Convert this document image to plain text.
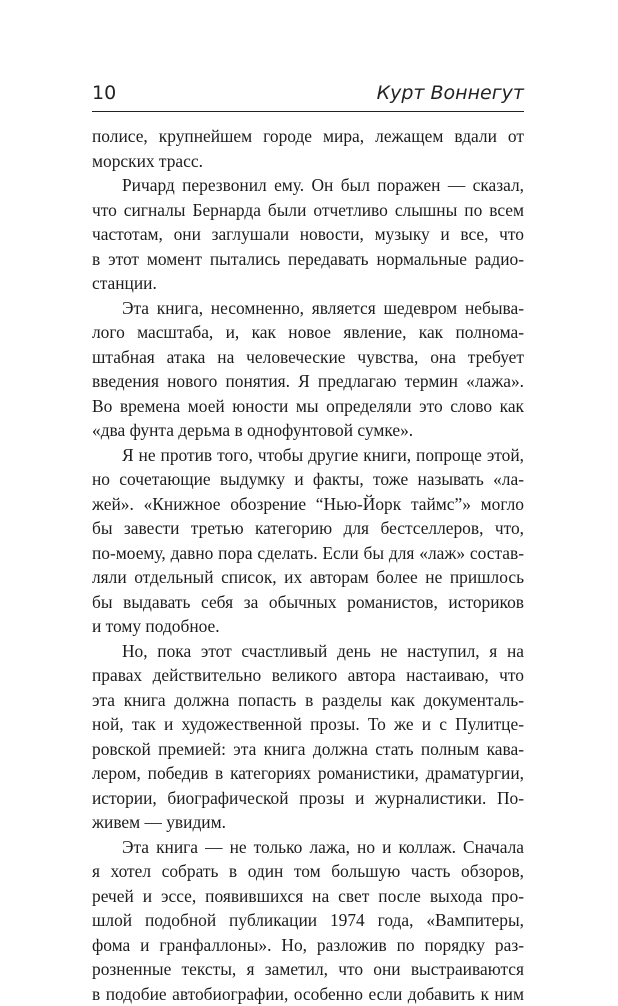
10	Курт Воннегут
полисе, крупнейшем городе мира, лежащем вдали от
морских трасс.
Ричард перезвонил ему. Он был поражен — сказал,
что сигналы Бернарда были отчетливо слышны по всем
частотам, они заглушали новости, музыку и все, что
в этот момент пытались передавать нормальные радио-
станции.
Эта книга, несомненно, является шедевром небыва-
лого масштаба, и, как новое явление, как полнома-
штабная атака на человеческие чувства, она требует
введения нового понятия. Я предлагаю термин «лажа».
Во времена моей юности мы определяли это слово как
«два фунта дерьма в однофунтовой сумке».
Я не против того, чтобы другие книги, попроще этой,
но сочетающие выдумку и факты, тоже называть «ла-
жей». «Книжное обозрение “Нью-Йорк таймс”» могло
бы завести третью категорию для бестселлеров, что,
по-моему, давно пора сделать. Если бы для «лаж» состав-
ляли отдельный список, их авторам более не пришлось
бы выдавать себя за обычных романистов, историков
и тому подобное.
Но, пока этот счастливый день не наступил, я на
правах действительно великого автора настаиваю, что
эта книга должна попасть в разделы как документаль-
ной, так и художественной прозы. То же и с Пулитце-
ровской премией: эта книга должна стать полным кава-
лером, победив в категориях романистики, драматургии,
истории, биографической прозы и журналистики. По-
живем — увидим.
Эта книга — не только лажа, но и коллаж. Сначала
я хотел собрать в один том большую часть обзоров,
речей и эссе, появившихся на свет после выхода про-
шлой подобной публикации 1974 года, «Вампитеры,
фома и гранфаллоны». Но, разложив по порядку раз-
розненные тексты, я заметил, что они выстраиваются
в подобие автобиографии, особенно если добавить к ним
